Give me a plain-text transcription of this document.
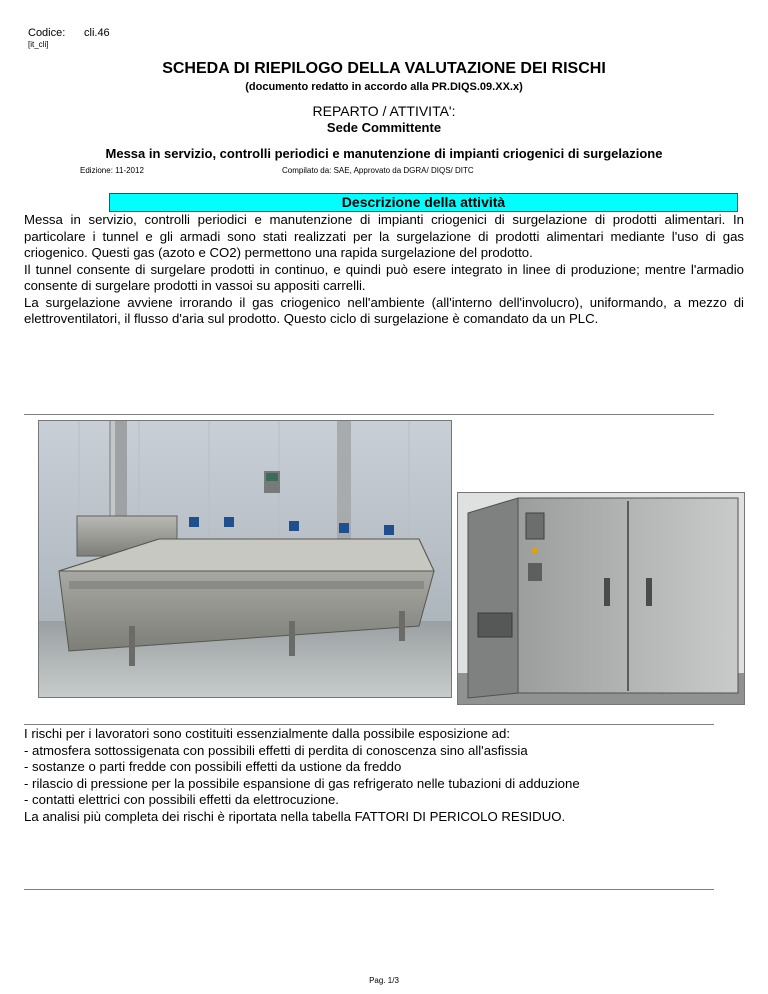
Codice: cli.46
[it_cli]
SCHEDA DI RIEPILOGO DELLA VALUTAZIONE DEI RISCHI
(documento redatto in accordo alla PR.DIQS.09.XX.x)
REPARTO / ATTIVITA':
Sede Committente
Messa in servizio, controlli periodici e manutenzione di impianti criogenici di surgelazione
Edizione: 11-2012	Compilato da: SAE, Approvato da DGRA/ DIQS/ DITC
Descrizione della attività

Messa in servizio, controlli periodici e manutenzione di impianti criogenici di surgelazione di prodotti alimentari. In particolare i tunnel e gli armadi sono stati realizzati per la surgelazione di prodotti alimentari mediante l'uso di gas criogenico. Questi gas (azoto e CO2) permettono una rapida surgelazione del prodotto.

Il tunnel consente di surgelare prodotti in continuo, e quindi può esere integrato in linee di produzione; mentre l'armadio consente di surgelare prodotti in vassoi su appositi carrelli.

La surgelazione avviene irrorando il gas criogenico nell'ambiente (all'interno dell'involucro), uniformando, a mezzo di elettroventilatori, il flusso d'aria sul prodotto. Questo ciclo di surgelazione è comandato da un PLC.

I rischi per i lavoratori sono costituiti essenzialmente dalla possibile esposizione ad:

- atmosfera sottossigenata con possibili effetti di perdita di conoscenza sino all'asfissia

- sostanze o parti fredde con possibili effetti da ustione da freddo

- rilascio di pressione per la possibile espansione di gas refrigerato nelle tubazioni di adduzione

- contatti elettrici con possibili effetti da elettrocuzione.

La analisi più completa dei rischi è riportata nella tabella FATTORI DI PERICOLO RESIDUO.

Pag. 1/3
